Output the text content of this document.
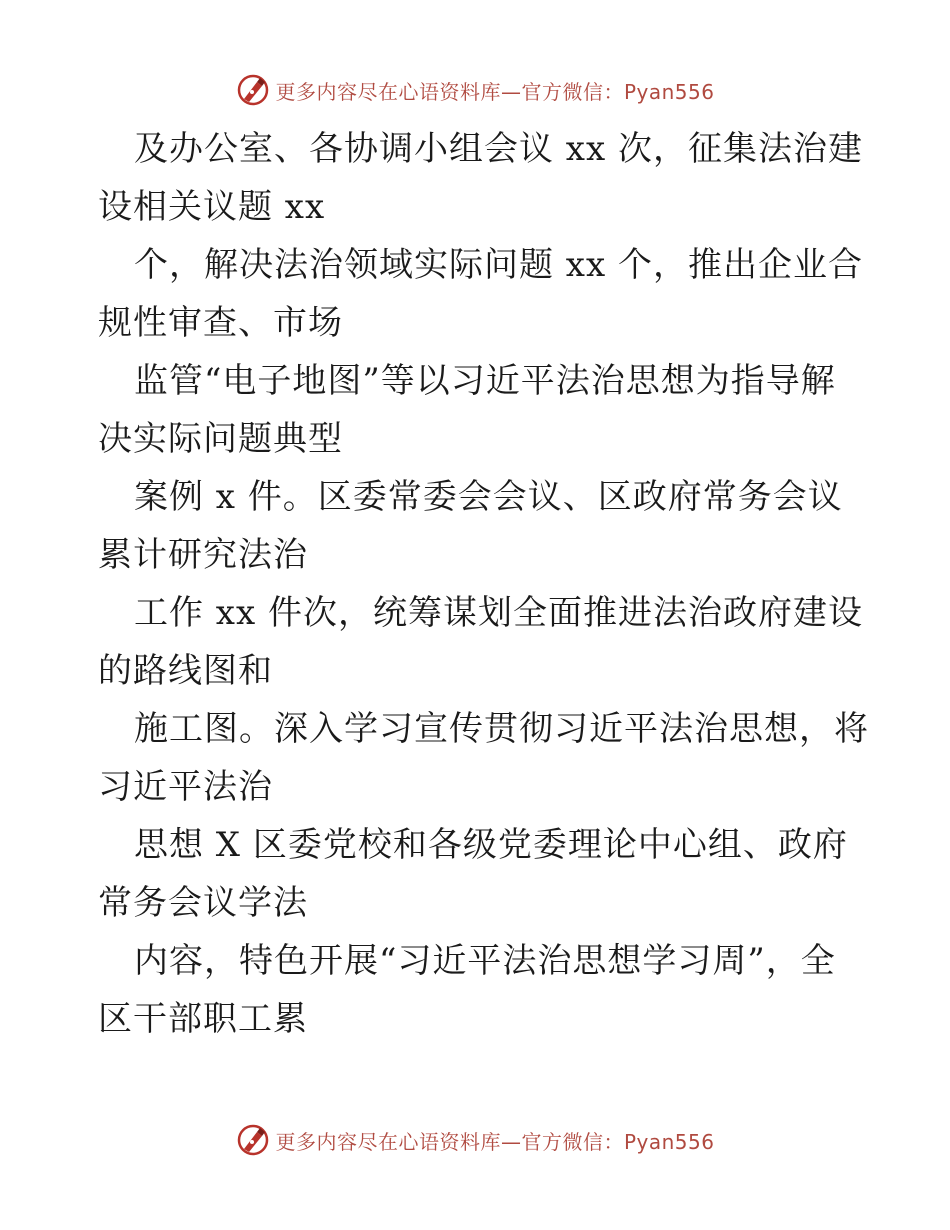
更多内容尽在心语资料库—官方微信：Pyan556
及办公室、各协调小组会议 xx 次，征集法治建
设相关议题 xx
个，解决法治领域实际问题 xx 个，推出企业合
规性审查、市场
监管“电子地图”等以习近平法治思想为指导解
决实际问题典型
案例 x 件。区委常委会会议、区政府常务会议
累计研究法治
工作 xx 件次，统筹谋划全面推进法治政府建设
的路线图和
施工图。深入学习宣传贯彻习近平法治思想，将
习近平法治
思想 X 区委党校和各级党委理论中心组、政府
常务会议学法
内容，特色开展“习近平法治思想学习周”，全
区干部职工累
更多内容尽在心语资料库—官方微信：Pyan556
